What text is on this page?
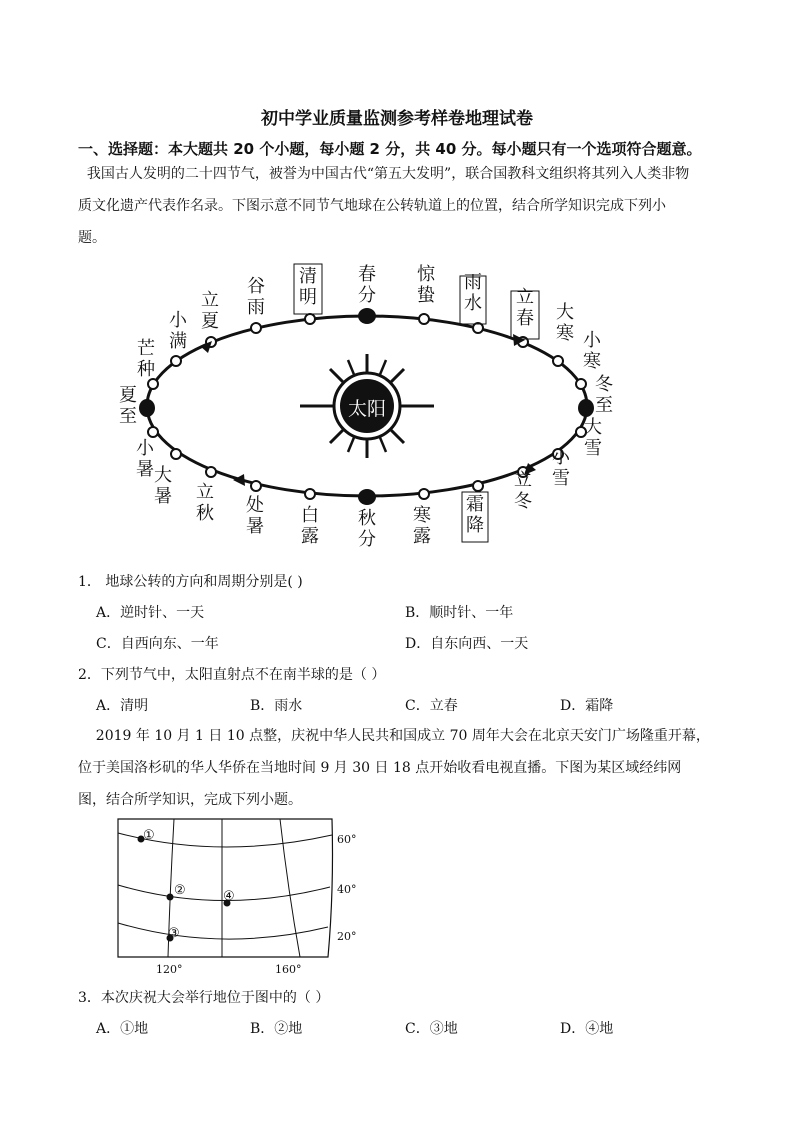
初中学业质量监测参考样卷地理试卷
一、选择题：本大题共 20 个小题，每小题 2 分，共 40 分。每小题只有一个选项符合题意。
我国古人发明的二十四节气，被誉为中国古代“第五大发明”，联合国教科文组织将其列入人类非物
质文化遗产代表作名录。下图示意不同节气地球在公转轨道上的位置，结合所学知识完成下列小
题。
太阳
春分
惊蛰
雨水 立春 大寒 小寒
冬至
大雪
小雪
立冬
霜降
寒露
秋分
白露
处暑
立秋
大暑
小暑
夏至
芒种
小满
立夏
谷雨
清明
1． 地球公转的方向和周期分别是( )
A．逆时针、一天	B．顺时针、一年
C．自西向东、一年	D．自东向西、一天
2．下列节气中，太阳直射点不在南半球的是（ ）
A．清明	B．雨水	C．立春	D．霜降
2019 年 10 月 1 日 10 点整，庆祝中华人民共和国成立 70 周年大会在北京天安门广场隆重开幕，
位于美国洛杉矶的华人华侨在当地时间 9 月 30 日 18 点开始收看电视直播。下图为某区域经纬网
图，结合所学知识，完成下列小题。
①
②	④
③
60°
40°
20°
120°	160°
3．本次庆祝大会举行地位于图中的（ ）
A．①地	B．②地	C．③地	D．④地
